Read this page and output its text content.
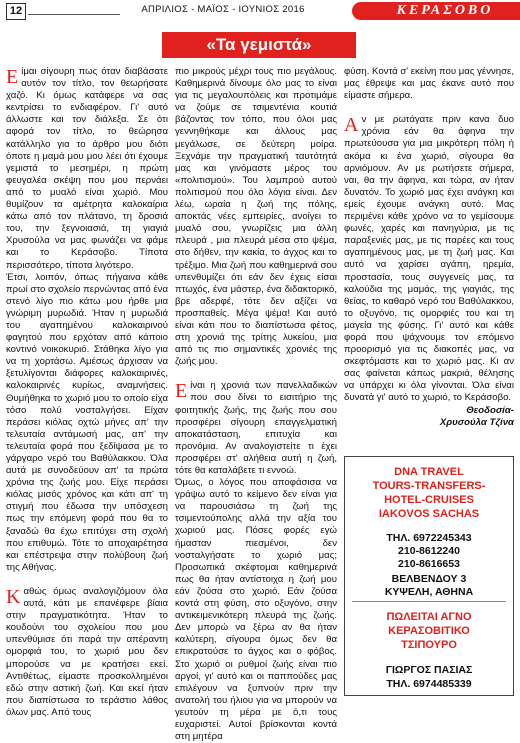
12	ΑΠΡΙΛΙΟΣ - ΜΑΪΟΣ - ΙΟΥΝΙΟΣ 2016	ΚΕΡΑΣΟΒΟ
«Τα γεμιστά»

Είμαι σίγουρη πως όταν διαβάσατε αυτόν τον τίτλο, τον θεωρήσατε χαζό. Κι όμως κατάφερε να σας κεντρίσει το ενδιαφέρον. Γι' αυτό άλλωστε και τον διάλεξα. Σε ότι αφορά τον τίτλο, το θεώρησα κατάλληλο για το άρθρο μου διότι όποτε η μαμά μου μου λέει ότι έχουμε γεμιστά το μεσημέρι, η πρώτη φευγαλέα σκέψη που μου περνάει από το μυαλό είναι χωριό. Μου θυμίζουν τα αμέτρητα καλοκαίρια κάτω από τον πλάτανο, τη δροσιά του, την ξεγνοιασιά, τη γιαγιά Χρυσούλα να μας φωνάζει να φάμε και το Κεράσοβο. Τίποτα περισσότερο, τίποτα λιγότερο.

Έτσι, λοιπόν, όπως πήγαινα κάθε πρωί στο σχολείο περνώντας από ένα στενό λίγο πιο κάτω μου ήρθε μια γνώριμη μυρωδιά. Ήταν η μυρωδιά του αγαπημένου καλοκαιρινού φαγητού που ερχόταν από κάποιο κοντινό νοικοκυριό. Στάθηκα λίγο για να τη χορτάσω. Αμέσως άρχισαν να ξετυλίγονται διάφορες καλοκαιρινές, καλοκαιρινές κυρίως, αναμνήσεις. Θυμήθηκα το χωριό μου το οποίο είχα τόσο πολύ νοσταλγήσει. Είχαν περάσει κιόλας οχτώ μήνες απ' την τελευταία αντάμωσή μας, απ' την τελευταία φορά που ξεδίψασα με το γάργαρο νερό του Βαθύλακκου. Όλα αυτά με συνοδεύουν απ' τα πρώτα χρόνια της ζωής μου. Είχε περάσει κιόλας μισός χρόνος και κάτι απ' τη στιγμή που έδωσα την υπόσχεση πως την επόμενη φορά που θα το ξαναδώ θα έχω επιτύχει στη σχολή που επιθυμώ. Τότε το αποχαιρέτησα και επέστρεψα στην πολύβουη ζωή της Αθήνας.

Καθώς όμως αναλογιζόμουν όλα αυτά, κάτι με επανέφερε βίαια στην πραγματικότητα. Ήταν το κουδούνι του σχολείου που μου υπενθύμισε ότι παρά την απέραντη ομορφιά του, το χωριό μου δεν μπορούσε να με κρατήσει εκεί. Αντιθέτως, είμαστε προσκολλημένοι εδώ στην αστική ζωή. Και εκεί ήταν που διαπίστωσα το τεράστιο λάθος όλων μας. Από τους

πιο μικρούς μέχρι τους πιο μεγάλους. Καθημερινά δίνουμε όλο μας το είναι για τις μεγαλουπόλεις και προτιμάμε να ζούμε σε τσιμεντένια κουτιά βάζοντας τον τόπο, που όλοι μας γεννηθήκαμε και άλλους μας μεγάλωσε, σε δεύτερη μοίρα. Ξεχνάμε την πραγματική ταυτότητά μας και γινόμαστε μέρος του «πολιτισμού». Του λαμπρού αυτού πολιτισμού που όλο λόγια είναι. Δεν λέω, ωραία η ζωή της πόλης, αποκτάς νέες εμπειρίες, ανοίγει το μυαλό σου, γνωρίζεις μια άλλη πλευρά , μια πλευρά μέσα στο ψέμα, στο δήθεν, την κακία, το άγχος και το τρέξιμο. Μια ζωή που καθημερινά σου υπενθυμίζει ότι εάν δεν έχεις είσαι πτωχός, ένα μάστερ, ένα διδακτορικό, βρε αδερφέ, τότε δεν αξίζει να προσπαθείς. Μέγα ψέμα! Και αυτό είναι κάτι που το διαπίστωσα φέτος, στη χρονιά της τρίτης λυκείου, μια από τις πιο σημαντικές χρονιές της ζωής μου.

Είναι η χρονιά των πανελλαδικών που σου δίνει το εισιτήριο της φοιτητικής ζωής, της ζωής που σου προσφέρει σίγουρη επαγγελματική αποκατάσταση, επιτυχία και προνόμια. Αν αναλογιστείτε τι έχει προσφέρει στ' αλήθεια αυτή η ζωή, τότε θα καταλάβετε τι εννοώ.

Όμως, ο λόγος που αποφάσισα να γράψω αυτό το κείμενο δεν είναι για να παρουσιάσω τη ζωή της τσιμεντούπολης αλλά την αξία του χωριού μας. Πόσες φορές εγώ ήμασταν πιεσμένοι, δεν νοσταλγήσατε το χωριό μας; Προσωπικά σκέφτομαι καθημερινά πως θα ήταν αντίστοιχα η ζωή μου εάν ζούσα στο χωριό. Εάν ζούσα κοντά στη φύση, στο οξυγόνο, στην αντικειμενικότερη πλευρά της ζωής. Δεν μπορώ να ξέρω αν θα ήταν καλύτερη, σίγουρα όμως δεν θα επικρατούσε το άγχος και ο φόβος. Στο χωριό οι ρυθμοί ζωής είναι πιο αργοί, γι' αυτό και οι παππούδες μας επιλέγουν να ξυπνούν πριν την ανατολή του ήλιου για να μπορούν να γευτούν τη μέρα με ό,τι τους ευχαριστεί. Αυτοί βρίσκονται κοντά στη μητέρα

φύση. Κοντά σ' εκείνη που μας γέννησε, μας έθρεψε και μας έκανε αυτό που είμαστε σήμερα.

Αν με ρωτάγατε πριν κανα δυο χρόνια εάν θα άφηνα την πρωτεύουσα για μια μικρότερη πόλη ή ακόμα κι ένα χωριό, σίγουρα θα αρνιόμουν. Αν με ρωτήσετε σήμερα, ναι, θα την άφηνα, και τώρα, αν ήταν δυνατόν. Το χωριό μας έχει ανάγκη και εμείς έχουμε ανάγκη αυτό. Μας περιμένει κάθε χρόνο να το γεμίσουμε φωνές, χαρές και πανηγύρια, με τις παραξενιές μας, με τις παρέες και τους αγαπημένους μας, με τη ζωή μας. Και αυτό να χαρίσει αγάπη, ηρεμία, προστασία, τους συγγενείς μας, τα καλούδια της μαμάς, της γιαγιάς, της θείας, το καθαρό νερό του Βαθύλακκου, το οξυγόνο, τις ομορφιές του και τη μαγεία της φύσης. Γι' αυτό και κάθε φορά που ψάχνουμε τον επόμενο προορισμό για τις διακοπές μας, να σκεφτόμαστε και το χωριό μας. Κι αν σας φαίνεται κάπως μακριά, θέλησης να υπάρχει κι όλα γίνονται. Όλα είναι δυνατά γι' αυτό το χωριό, το Κεράσοβο.

Θεοδοσία-
Χρυσούλα Τζίνα
DNA TRAVEL
TOURS-TRANSFERS-
HOTEL-CRUISES
IAKOVOS SACHAS
ΤΗΛ. 6972245343
210-8612240
210-8616653
ΒΕΛΒΕΝΔΟΥ 3
ΚΥΨΕΛΗ, ΑΘΗΝΑ
ΠΩΛΕΙΤΑΙ ΑΓΝΟ
ΚΕΡΑΣΟΒΙΤΙΚΟ
ΤΣΙΠΟΥΡΟ
ΓΙΩΡΓΟΣ ΠΑΣΙΑΣ
ΤΗΛ. 6974485339
